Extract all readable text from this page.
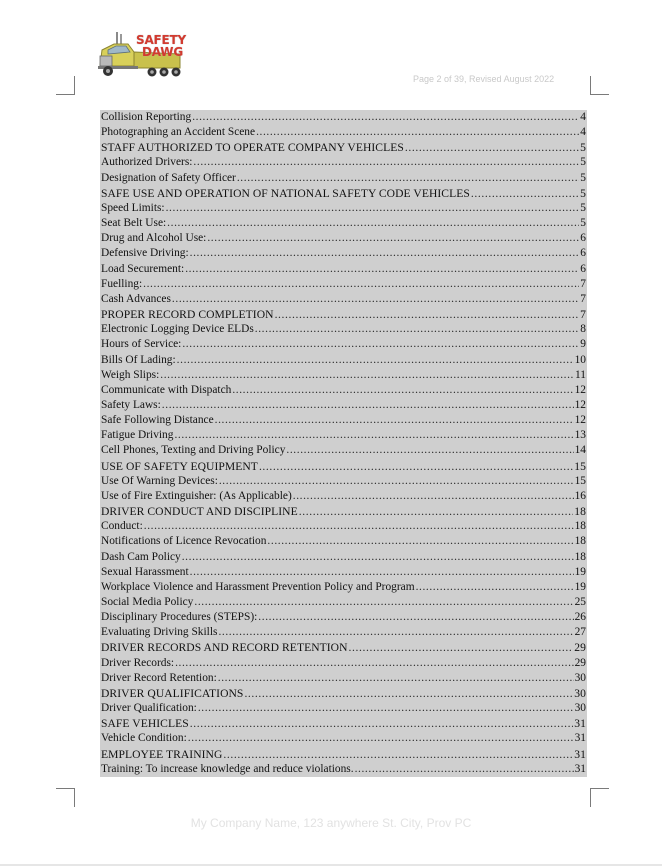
SAFETY
DAWG
Page 2 of 39, Revised August 2022
Collision Reporting .....	4
Photographing an Accident Scene .....	4
STAFF AUTHORIZED TO OPERATE COMPANY VEHICLES .....	5
Authorized Drivers: .....	5
Designation of Safety Officer .....	5
SAFE USE AND OPERATION OF NATIONAL SAFETY CODE VEHICLES .....	5
Speed Limits: .....	5
Seat Belt Use: .....	5
Drug and Alcohol Use: .....	6
Defensive Driving: .....	6
Load Securement: .....	6
Fuelling: .....	7
Cash Advances .....	7
PROPER RECORD COMPLETION .....	7
Electronic Logging Device ELDs .....	8
Hours of Service: .....	9
Bills Of Lading: .....	10
Weigh Slips: .....	11
Communicate with Dispatch .....	12
Safety Laws: .....	12
Safe Following Distance .....	12
Fatigue Driving .....	13
Cell Phones, Texting and Driving Policy .....	14
USE OF SAFETY EQUIPMENT .....	15
Use Of Warning Devices: .....	15
Use of Fire Extinguisher: (As Applicable) .....	16
DRIVER CONDUCT AND DISCIPLINE .....	18
Conduct: .....	18
Notifications of Licence Revocation .....	18
Dash Cam Policy .....	18
Sexual Harassment .....	19
Workplace Violence and Harassment Prevention Policy and Program .....	19
Social Media Policy .....	25
Disciplinary Procedures (STEPS): .....	26
Evaluating Driving Skills .....	27
DRIVER RECORDS AND RECORD RETENTION .....	29
Driver Records: .....	29
Driver Record Retention: .....	30
DRIVER QUALIFICATIONS .....	30
Driver Qualification: .....	30
SAFE VEHICLES .....	31
Vehicle Condition: .....	31
EMPLOYEE TRAINING .....	31
Training: To increase knowledge and reduce violations. .....	31
My Company Name, 123 anywhere St. City, Prov PC
